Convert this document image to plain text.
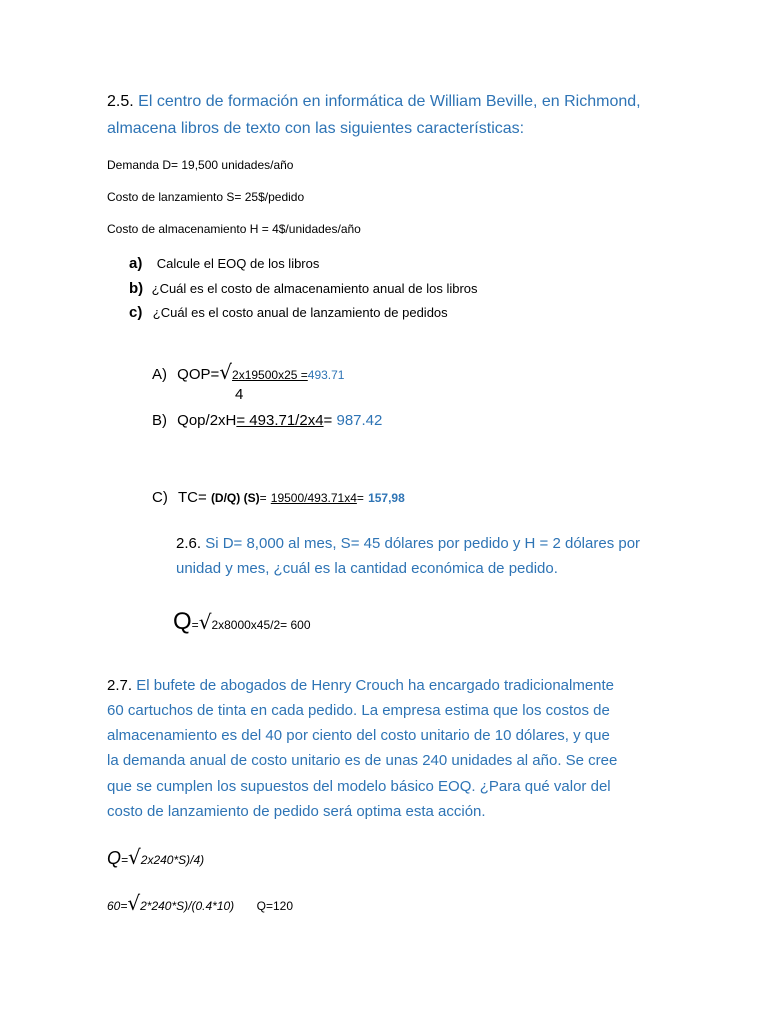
2.5. El centro de formación en informática de William Beville, en Richmond,
almacena libros de texto con las siguientes características:
Demanda D= 19,500 unidades/año
Costo de lanzamiento S= 25$/pedido
Costo de almacenamiento H = 4$/unidades/año
a) Calcule el EOQ de los libros
b) ¿Cuál es el costo de almacenamiento anual de los libros
c) ¿Cuál es el costo anual de lanzamiento de pedidos
A) QOP=√2x19500x25 =493.71
4
B) Qop/2xH= 493.71/2x4= 987.42
C) TC= (D/Q) (S)= 19500/493.71x4= 157,98
2.6. Si D= 8,000 al mes, S= 45 dólares por pedido y H = 2 dólares por
unidad y mes, ¿cuál es la cantidad económica de pedido.
Q=√2x8000x45/2= 600
2.7. El bufete de abogados de Henry Crouch ha encargado tradicionalmente
60 cartuchos de tinta en cada pedido. La empresa estima que los costos de
almacenamiento es del 40 por ciento del costo unitario de 10 dólares, y que
la demanda anual de costo unitario es de unas 240 unidades al año. Se cree
que se cumplen los supuestos del modelo básico EOQ. ¿Para qué valor del
costo de lanzamiento de pedido será optima esta acción.
Q=√2x240*S)/4)
60=√2*240*S)/(0.4*10) Q=120
